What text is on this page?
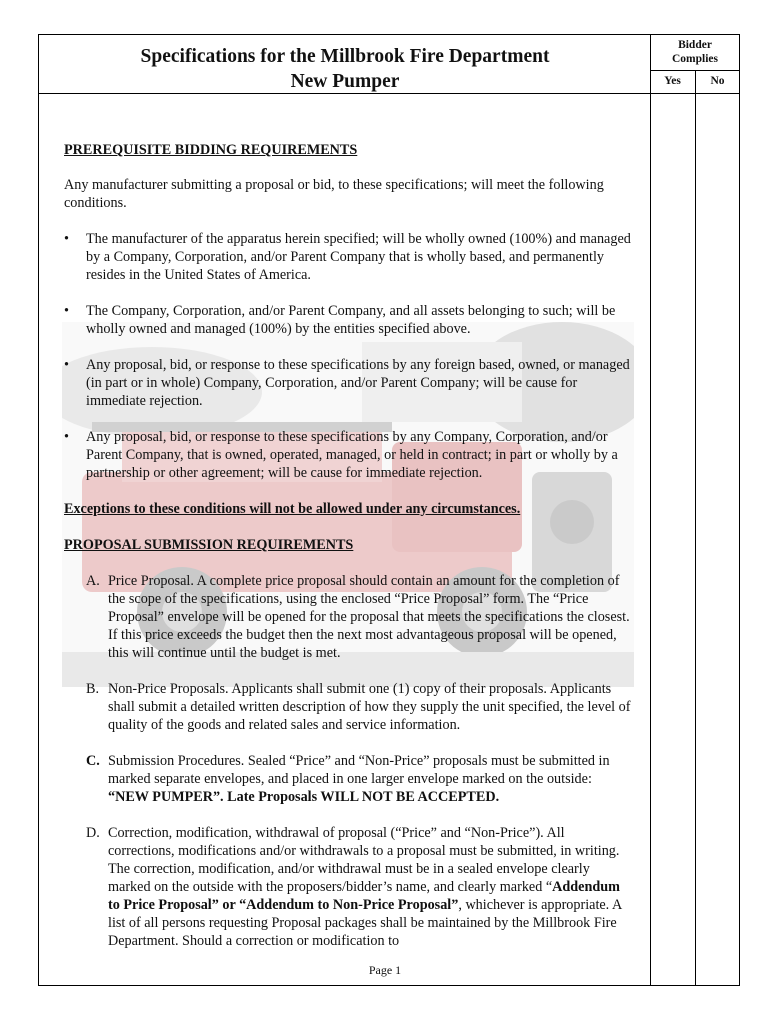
Specifications for the Millbrook Fire Department
New Pumper
Bidder
Complies
Yes	No

PREREQUISITE BIDDING REQUIREMENTS

Any manufacturer submitting a proposal or bid, to these specifications; will meet the following conditions.

• The manufacturer of the apparatus herein specified; will be wholly owned (100%) and managed by a Company, Corporation, and/or Parent Company that is wholly based, and permanently resides in the United States of America.
• The Company, Corporation, and/or Parent Company, and all assets belonging to such; will be wholly owned and managed (100%) by the entities specified above.
• Any proposal, bid, or response to these specifications by any foreign based, owned, or managed (in part or in whole) Company, Corporation, and/or Parent Company; will be cause for immediate rejection.
• Any proposal, bid, or response to these specifications by any Company, Corporation, and/or Parent Company, that is owned, operated, managed, or held in contract; in part or wholly by a partnership or other agreement; will be cause for immediate rejection.

Exceptions to these conditions will not be allowed under any circumstances.

PROPOSAL SUBMISSION REQUIREMENTS

A. Price Proposal. A complete price proposal should contain an amount for the completion of the scope of the specifications, using the enclosed “Price Proposal” form. The “Price Proposal” envelope will be opened for the proposal that meets the specifications the closest. If this price exceeds the budget then the next most advantageous proposal will be opened, this will continue until the budget is met.
B. Non-Price Proposals. Applicants shall submit one (1) copy of their proposals. Applicants shall submit a detailed written description of how they supply the unit specified, the level of quality of the goods and related sales and service information.
C. Submission Procedures. Sealed “Price” and “Non-Price” proposals must be submitted in marked separate envelopes, and placed in one larger envelope marked on the outside: “NEW PUMPER”. Late Proposals WILL NOT BE ACCEPTED.
D. Correction, modification, withdrawal of proposal (“Price” and “Non-Price”). All corrections, modifications and/or withdrawals to a proposal must be submitted, in writing. The correction, modification, and/or withdrawal must be in a sealed envelope clearly marked on the outside with the proposers/bidder’s name, and clearly marked “Addendum to Price Proposal” or “Addendum to Non-Price Proposal”, whichever is appropriate. A list of all persons requesting Proposal packages shall be maintained by the Millbrook Fire Department. Should a correction or modification to
Page 1
